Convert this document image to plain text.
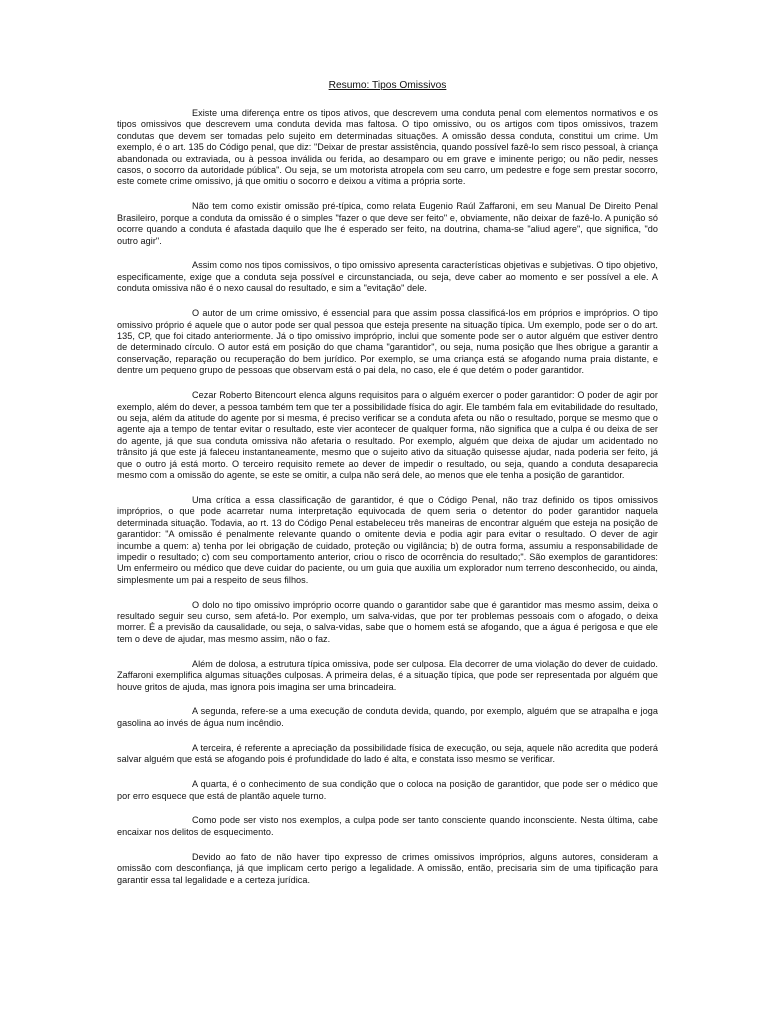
Resumo: Tipos Omissivos

Existe uma diferença entre os tipos ativos, que descrevem uma conduta penal com elementos normativos e os tipos omissivos que descrevem uma conduta devida mas faltosa. O tipo omissivo, ou os artigos com tipos omissivos, trazem condutas que devem ser tomadas pelo sujeito em determinadas situações. A omissão dessa conduta, constitui um crime. Um exemplo, é o art. 135 do Código penal, que diz: "Deixar de prestar assistência, quando possível fazê-lo sem risco pessoal, à criança abandonada ou extraviada, ou à pessoa inválida ou ferida, ao desamparo ou em grave e iminente perigo; ou não pedir, nesses casos, o socorro da autoridade pública". Ou seja, se um motorista atropela com seu carro, um pedestre e foge sem prestar socorro, este comete crime omissivo, já que omitiu o socorro e deixou a vítima a própria sorte.

Não tem como existir omissão pré-típica, como relata Eugenio Raúl Zaffaroni, em seu Manual De Direito Penal Brasileiro, porque a conduta da omissão é o simples "fazer o que deve ser feito" e, obviamente, não deixar de fazê-lo. A punição só ocorre quando a conduta é afastada daquilo que lhe é esperado ser feito, na doutrina, chama-se "aliud agere", que significa, "do outro agir".

Assim como nos tipos comissivos, o tipo omissivo apresenta características objetivas e subjetivas. O tipo objetivo, especificamente, exige que a conduta seja possível e circunstanciada, ou seja, deve caber ao momento e ser possível a ele. A conduta omissiva não é o nexo causal do resultado, e sim a "evitação" dele.

O autor de um crime omissivo, é essencial para que assim possa classificá-los em próprios e impróprios. O tipo omissivo próprio é aquele que o autor pode ser qual pessoa que esteja presente na situação típica. Um exemplo, pode ser o do art. 135, CP, que foi citado anteriormente. Já o tipo omissivo impróprio, inclui que somente pode ser o autor alguém que estiver dentro de determinado círculo. O autor está em posição do que chama "garantidor", ou seja, numa posição que lhes obrigue a garantir a conservação, reparação ou recuperação do bem jurídico. Por exemplo, se uma criança está se afogando numa praia distante, e dentre um pequeno grupo de pessoas que observam está o pai dela, no caso, ele é que detém o poder garantidor.

Cezar Roberto Bitencourt elenca alguns requisitos para o alguém exercer o poder garantidor: O poder de agir por exemplo, além do dever, a pessoa também tem que ter a possibilidade física do agir. Ele também fala em evitabilidade do resultado, ou seja, além da atitude do agente por si mesma, é preciso verificar se a conduta afeta ou não o resultado, porque se mesmo que o agente aja a tempo de tentar evitar o resultado, este vier acontecer de qualquer forma, não significa que a culpa é ou deixa de ser do agente, já que sua conduta omissiva não afetaria o resultado. Por exemplo, alguém que deixa de ajudar um acidentado no trânsito já que este já faleceu instantaneamente, mesmo que o sujeito ativo da situação quisesse ajudar, nada poderia ser feito, já que o outro já está morto. O terceiro requisito remete ao dever de impedir o resultado, ou seja, quando a conduta desaparecia mesmo com a omissão do agente, se este se omitir, a culpa não será dele, ao menos que ele tenha a posição de garantidor.

Uma crítica a essa classificação de garantidor, é que o Código Penal, não traz definido os tipos omissivos impróprios, o que pode acarretar numa interpretação equivocada de quem seria o detentor do poder garantidor naquela determinada situação. Todavia, ao rt. 13 do Código Penal estabeleceu três maneiras de encontrar alguém que esteja na posição de garantidor: "A omissão é penalmente relevante quando o omitente devia e podia agir para evitar o resultado. O dever de agir incumbe a quem: a) tenha por lei obrigação de cuidado, proteção ou vigilância; b) de outra forma, assumiu a responsabilidade de impedir o resultado; c) com seu comportamento anterior, criou o risco de ocorrência do resultado;". São exemplos de garantidores: Um enfermeiro ou médico que deve cuidar do paciente, ou um guia que auxilia um explorador num terreno desconhecido, ou ainda, simplesmente um pai a respeito de seus filhos.

O dolo no tipo omissivo impróprio ocorre quando o garantidor sabe que é garantidor mas mesmo assim, deixa o resultado seguir seu curso, sem afetá-lo. Por exemplo, um salva-vidas, que por ter problemas pessoais com o afogado, o deixa morrer. É a previsão da causalidade, ou seja, o salva-vidas, sabe que o homem está se afogando, que a água é perigosa e que ele tem o deve de ajudar, mas mesmo assim, não o faz.

Além de dolosa, a estrutura típica omissiva, pode ser culposa. Ela decorrer de uma violação do dever de cuidado. Zaffaroni exemplifica algumas situações culposas. A primeira delas, é a situação típica, que pode ser representada por alguém que houve gritos de ajuda, mas ignora pois imagina ser uma brincadeira.

A segunda, refere-se a uma execução de conduta devida, quando, por exemplo, alguém que se atrapalha e joga gasolina ao invés de água num incêndio.

A terceira, é referente a apreciação da possibilidade física de execução, ou seja, aquele não acredita que poderá salvar alguém que está se afogando pois é profundidade do lado é alta, e constata isso mesmo se verificar.

A quarta, é o conhecimento de sua condição que o coloca na posição de garantidor, que pode ser o médico que por erro esquece que está de plantão aquele turno.

Como pode ser visto nos exemplos, a culpa pode ser tanto consciente quando inconsciente. Nesta última, cabe encaixar nos delitos de esquecimento.

Devido ao fato de não haver tipo expresso de crimes omissivos impróprios, alguns autores, consideram a omissão com desconfiança, já que implicam certo perigo a legalidade. A omissão, então, precisaria sim de uma tipificação para garantir essa tal legalidade e a certeza jurídica.
